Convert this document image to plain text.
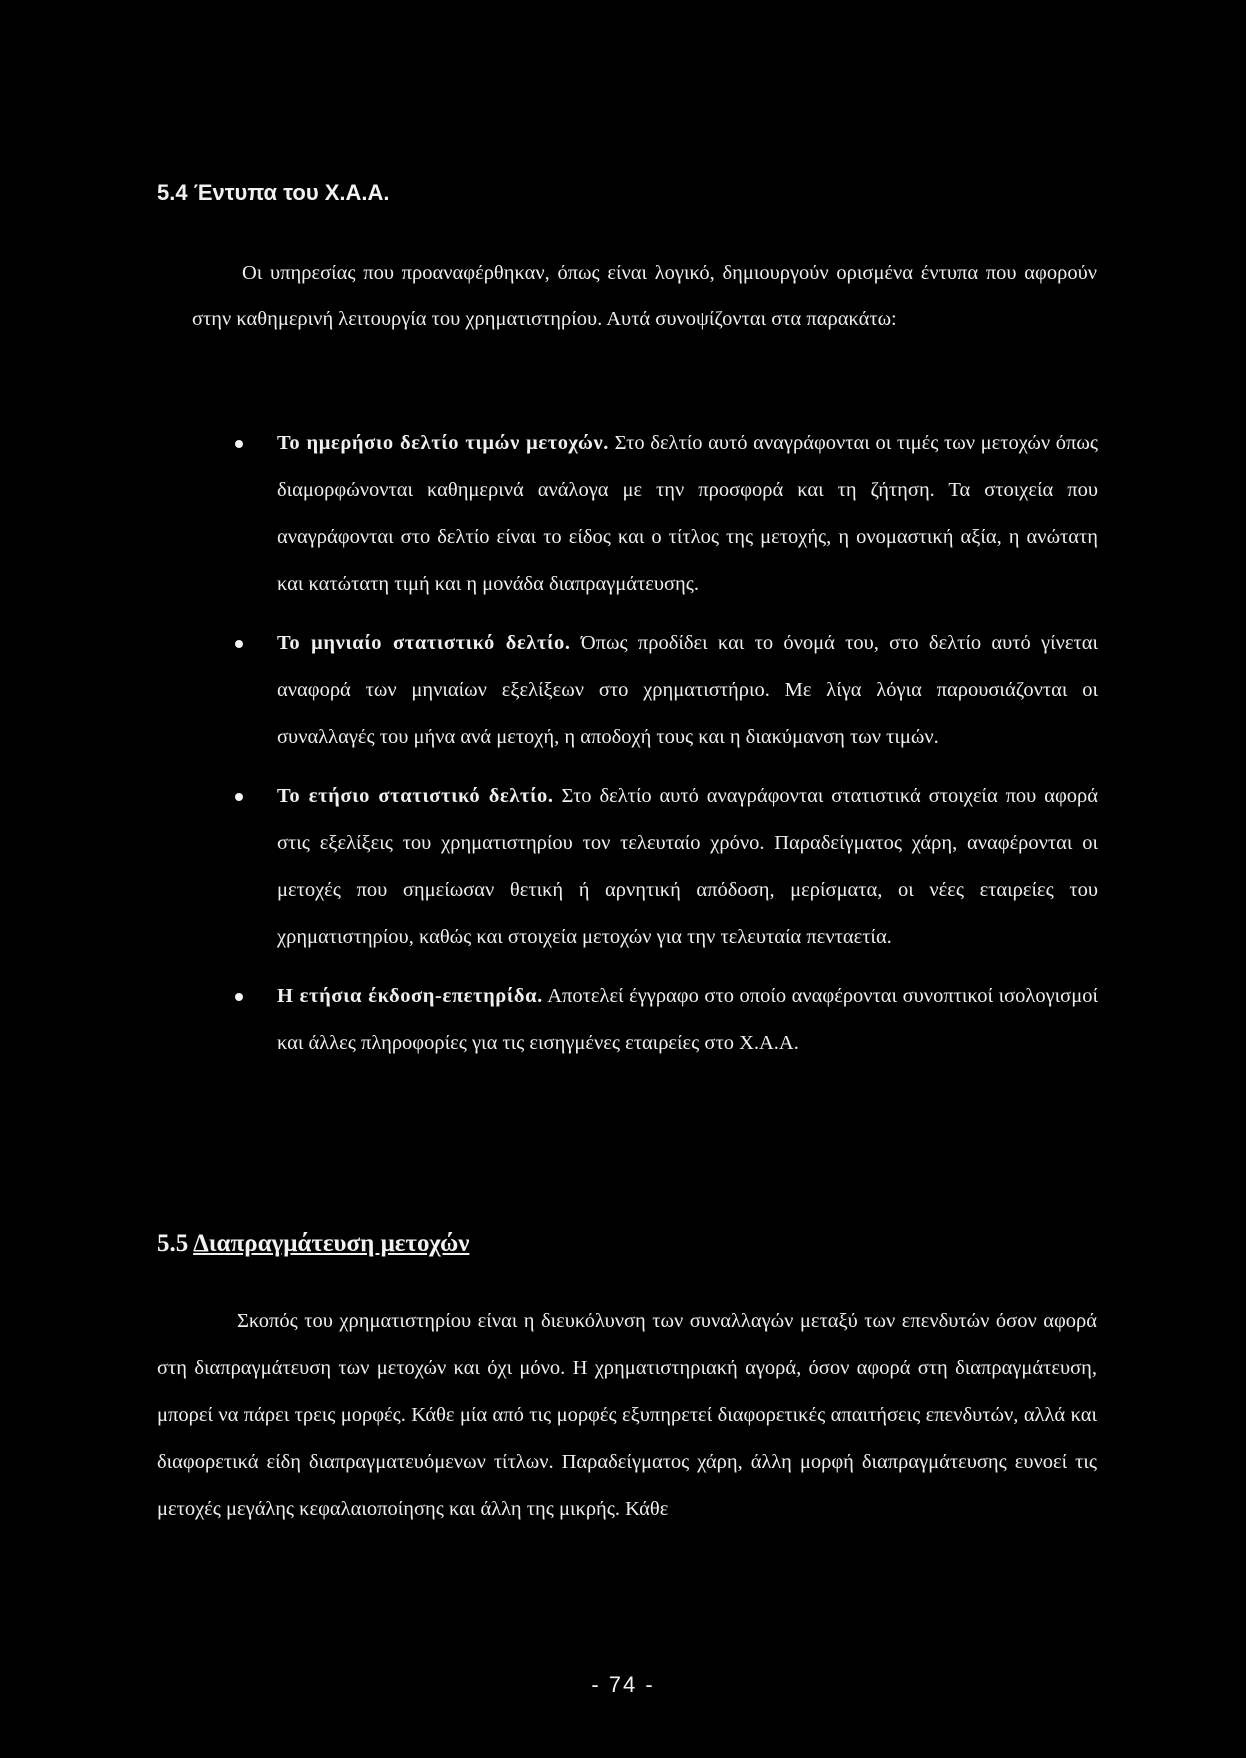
5.4 Έντυπα του Χ.Α.Α.
Οι υπηρεσίας που προαναφέρθηκαν, όπως είναι λογικό, δημιουργούν ορισμένα έντυπα που αφορούν στην καθημερινή λειτουργία του χρηματιστηρίου. Αυτά συνοψίζονται στα παρακάτω:
Το ημερήσιο δελτίο τιμών μετοχών. Στο δελτίο αυτό αναγράφονται οι τιμές των μετοχών όπως διαμορφώνονται καθημερινά ανάλογα με την προσφορά και τη ζήτηση. Τα στοιχεία που αναγράφονται στο δελτίο είναι το είδος και ο τίτλος της μετοχής, η ονομαστική αξία, η ανώτατη και κατώτατη τιμή και η μονάδα διαπραγμάτευσης.
Το μηνιαίο στατιστικό δελτίο. Όπως προδίδει και το όνομά του, στο δελτίο αυτό γίνεται αναφορά των μηνιαίων εξελίξεων στο χρηματιστήριο. Με λίγα λόγια παρουσιάζονται οι συναλλαγές του μήνα ανά μετοχή, η αποδοχή τους και η διακύμανση των τιμών.
Το ετήσιο στατιστικό δελτίο. Στο δελτίο αυτό αναγράφονται στατιστικά στοιχεία που αφορά στις εξελίξεις του χρηματιστηρίου τον τελευταίο χρόνο. Παραδείγματος χάρη, αναφέρονται οι μετοχές που σημείωσαν θετική ή αρνητική απόδοση, μερίσματα, οι νέες εταιρείες του χρηματιστηρίου, καθώς και στοιχεία μετοχών για την τελευταία πενταετία.
Η ετήσια έκδοση-επετηρίδα. Αποτελεί έγγραφο στο οποίο αναφέρονται συνοπτικοί ισολογισμοί και άλλες πληροφορίες για τις εισηγμένες εταιρείες στο Χ.Α.Α.
5.5 Διαπραγμάτευση μετοχών
Σκοπός του χρηματιστηρίου είναι η διευκόλυνση των συναλλαγών μεταξύ των επενδυτών όσον αφορά στη διαπραγμάτευση των μετοχών και όχι μόνο. Η χρηματιστηριακή αγορά, όσον αφορά στη διαπραγμάτευση, μπορεί να πάρει τρεις μορφές. Κάθε μία από τις μορφές εξυπηρετεί διαφορετικές απαιτήσεις επενδυτών, αλλά και διαφορετικά είδη διαπραγματευόμενων τίτλων. Παραδείγματος χάρη, άλλη μορφή διαπραγμάτευσης ευνοεί τις μετοχές μεγάλης κεφαλαιοποίησης και άλλη της μικρής. Κάθε
- 74 -
